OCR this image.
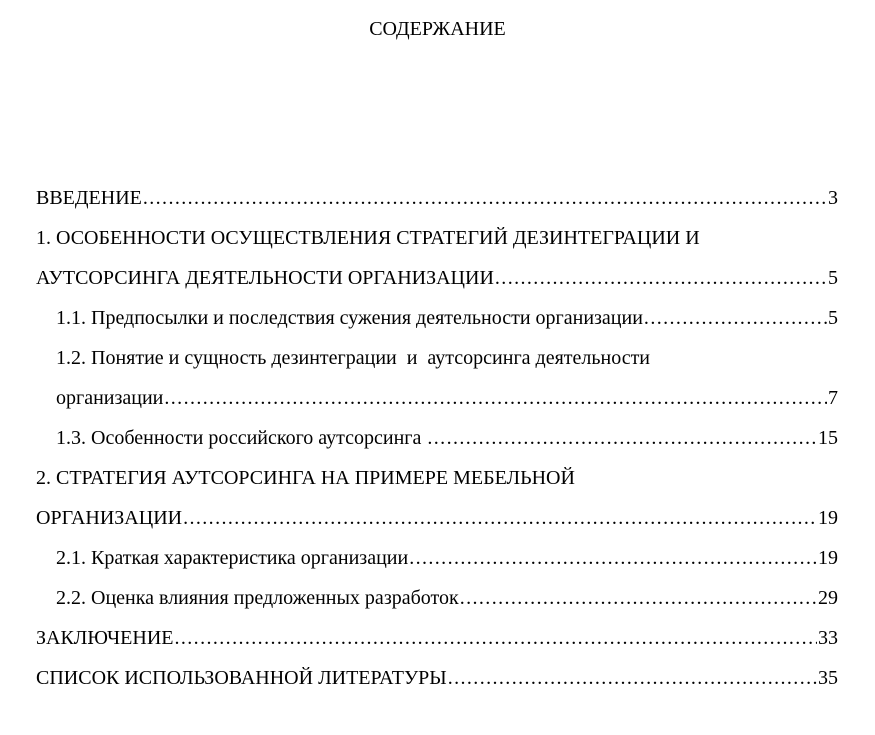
СОДЕРЖАНИЕ
ВВЕДЕНИЕ .....	3
1. ОСОБЕННОСТИ ОСУЩЕСТВЛЕНИЯ СТРАТЕГИЙ ДЕЗИНТЕГРАЦИИ И
АУТСОРСИНГА ДЕЯТЕЛЬНОСТИ ОРГАНИЗАЦИИ .....	5
1.1. Предпосылки и последствия сужения деятельности организации .....	5
1.2. Понятие и сущность дезинтеграции  и  аутсорсинга деятельности
организации .....	7
1.3. Особенности российского аутсорсинга .....	15
2. СТРАТЕГИЯ АУТСОРСИНГА НА ПРИМЕРЕ МЕБЕЛЬНОЙ
ОРГАНИЗАЦИИ .....	19
2.1. Краткая характеристика организации .....	19
2.2. Оценка влияния предложенных разработок .....	29
ЗАКЛЮЧЕНИЕ .....	33
СПИСОК ИСПОЛЬЗОВАННОЙ ЛИТЕРАТУРЫ .....	35
